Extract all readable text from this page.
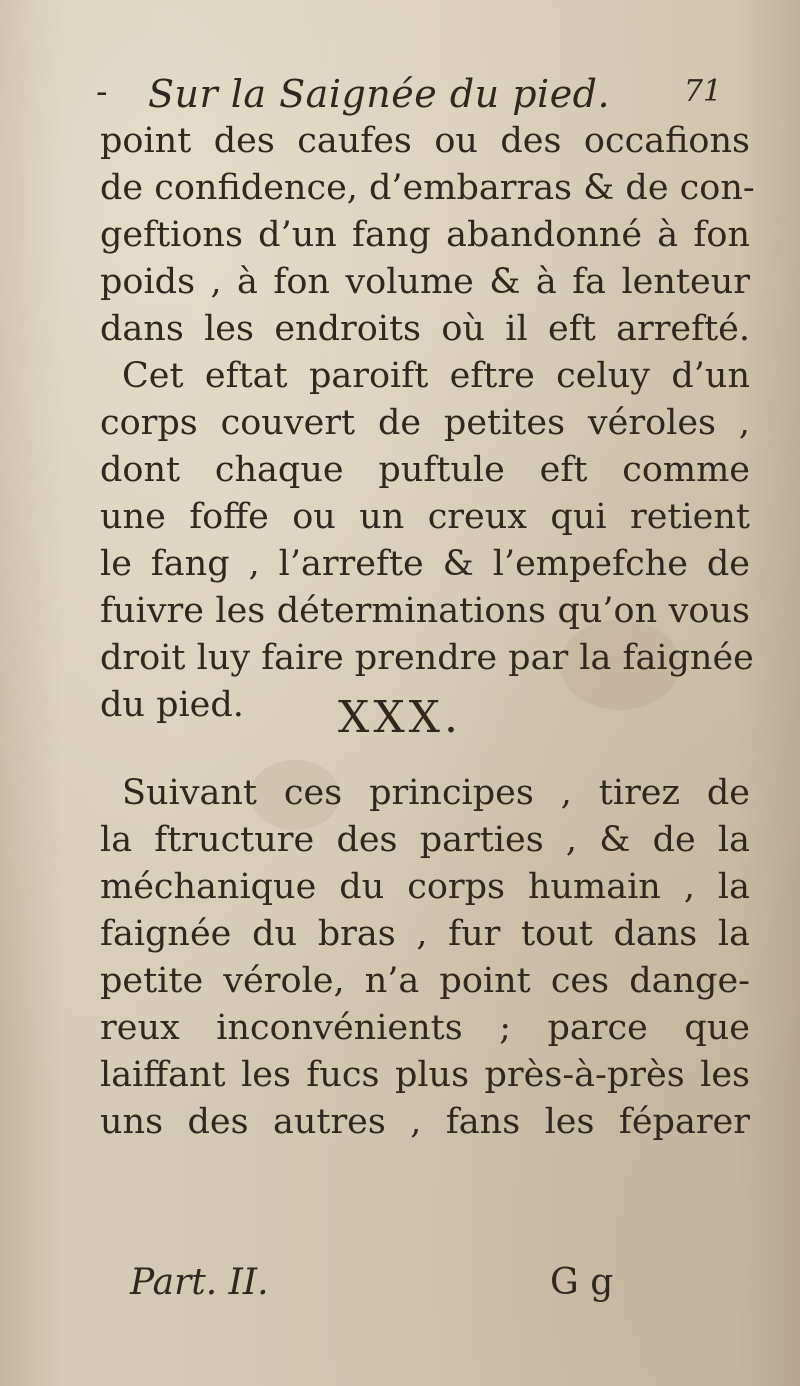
- Sur la Saignée du pied. 71
point des caufes ou des occafions
de confidence, d’embarras & de con-
geftions d’un fang abandonné à fon
poids , à fon volume & à fa lenteur
dans les endroits où il eft arrefté.
Cet eftat paroift eftre celuy d’un
corps couvert de petites véroles ,
dont chaque puftule eft comme
une foffe ou un creux qui retient
le fang , l’arrefte & l’empefche de
fuivre les déterminations qu’on vous
droit luy faire prendre par la faignée
du pied.	XXX.
Suivant ces principes , tirez de
la ftructure des parties , & de la
méchanique du corps humain , la
faignée du bras , fur tout dans la
petite vérole, n’a point ces dange-
reux inconvénients ; parce que
laiffant les fucs plus près-à-près les
uns des autres , fans les féparer
Part. II.	G g
